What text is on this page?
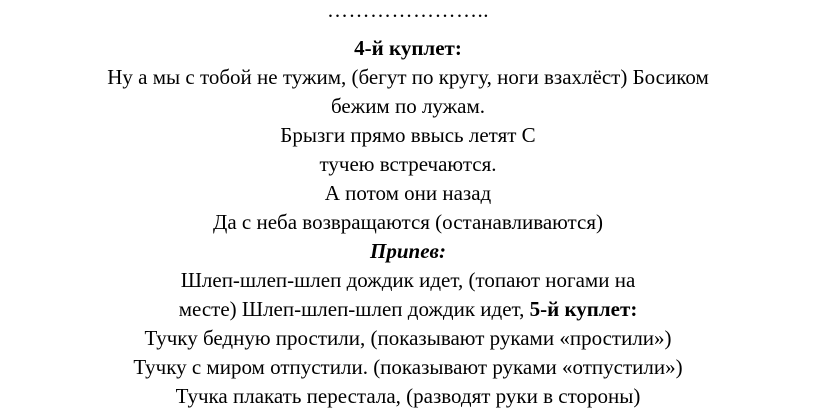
…………………..
4-й куплет:
Ну а мы с тобой не тужим, (бегут по кругу, ноги взахлёст) Босиком
бежим по лужам.
Брызги прямо ввысь летят С
тучею встречаются.
А потом они назад
Да с неба возвращаются (останавливаются)
Припев:
Шлеп-шлеп-шлеп дождик идет, (топают ногами на
месте) Шлеп-шлеп-шлеп дождик идет, 5-й куплет:
Тучку бедную простили, (показывают руками «простили»)
Тучку с миром отпустили. (показывают руками «отпустили»)
Тучка плакать перестала, (разводят руки в стороны)
